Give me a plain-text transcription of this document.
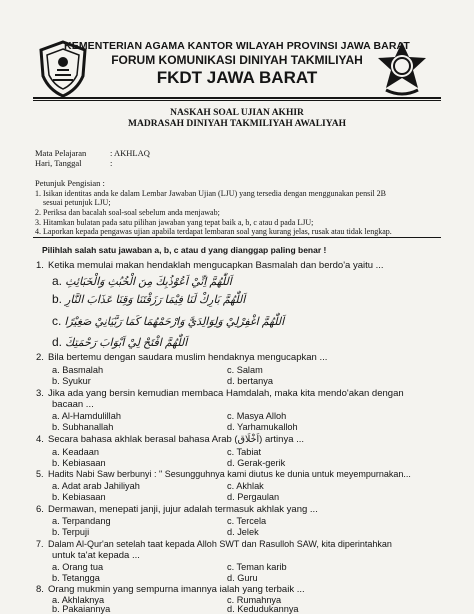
KEMENTERIAN AGAMA KANTOR WILAYAH PROVINSI JAWA BARAT
FORUM KOMUNIKASI DINIYAH TAKMILIYAH
FKDT JAWA BARAT
NASKAH SOAL UJIAN AKHIR
MADRASAH DINIYAH TAKMILIYAH AWALIYAH
Mata Pelajaran	: AKHLAQ
Hari, Tanggal	:
Petunjuk Pengisian :
1. Isikan identitas anda ke dalam Lembar Jawaban Ujian (LJU) yang tersedia dengan menggunakan pensil 2B
sesuai petunjuk LJU;
2. Periksa dan bacalah soal-soal sebelum anda menjawab;
3. Hitamkan bulatan pada satu pilihan jawaban yang tepat baik a, b, c atau d pada LJU;
4. Laporkan kepada pengawas ujian apabila terdapat lembaran soal yang kurang jelas, rusak atau tidak lengkap.
Pilihlah salah satu jawaban a, b, c atau d yang dianggap paling benar !
1. Ketika memulai makan hendaklah mengucapkan Basmalah dan berdo'a yaitu ...
a. اَللّٰهُمَّ اِنِّيْ اَعُوْذُبِكَ مِنَ الْخُبُثِ وَالْخَبَائِثِ
b. اَللّٰهُمَّ بَارِكْ لَنَا فِيْمَا رَزَقْتَنَا وَقِنَا عَذَابَ النَّارِ
c. اَللّٰهُمَّ اغْفِرْلِيْ وَلِوَالِدَيَّ وَارْحَمْهُمَا كَمَا رَبَّيَانِيْ صَغِيْرًا
d. اَللّٰهُمَّ افْتَحْ لِيْ اَبْوَابَ رَحْمَتِكَ
2. Bila bertemu dengan saudara muslim hendaknya mengucapkan ...
a. Basmalah	c. Salam
b. Syukur	d. bertanya
3. Jika ada yang bersin kemudian membaca Hamdalah, maka kita mendo'akan dengan
bacaan ...
a. Al-Hamdulillah	c. Masya Alloh
b. Subhanallah	d. Yarhamukalloh
4. Secara bahasa akhlak berasal bahasa Arab (اَخْلَاق) artinya ...
a. Keadaan	c. Tabiat
b. Kebiasaan	d. Gerak-gerik
5. Hadits Nabi Saw berbunyi : " Sesungguhnya kami diutus ke dunia untuk meyempurnakan...
a. Adat arab Jahiliyah	c. Akhlak
b. Kebiasaan	d. Pergaulan
6. Dermawan, menepati janji, jujur adalah termasuk akhlak yang ...
a. Terpandang	c. Tercela
b. Terpuji	d. Jelek
7. Dalam Al-Qur'an setelah taat kepada Alloh SWT dan Rasulloh SAW, kita diperintahkan
untuk ta'at kepada ...
a. Orang tua	c. Teman karib
b. Tetangga	d. Guru
8. Orang mukmin yang sempurna imannya ialah yang terbaik ...
a. Akhlaknya	c. Rumahnya
b. Pakaiannya	d. Kedudukannya
